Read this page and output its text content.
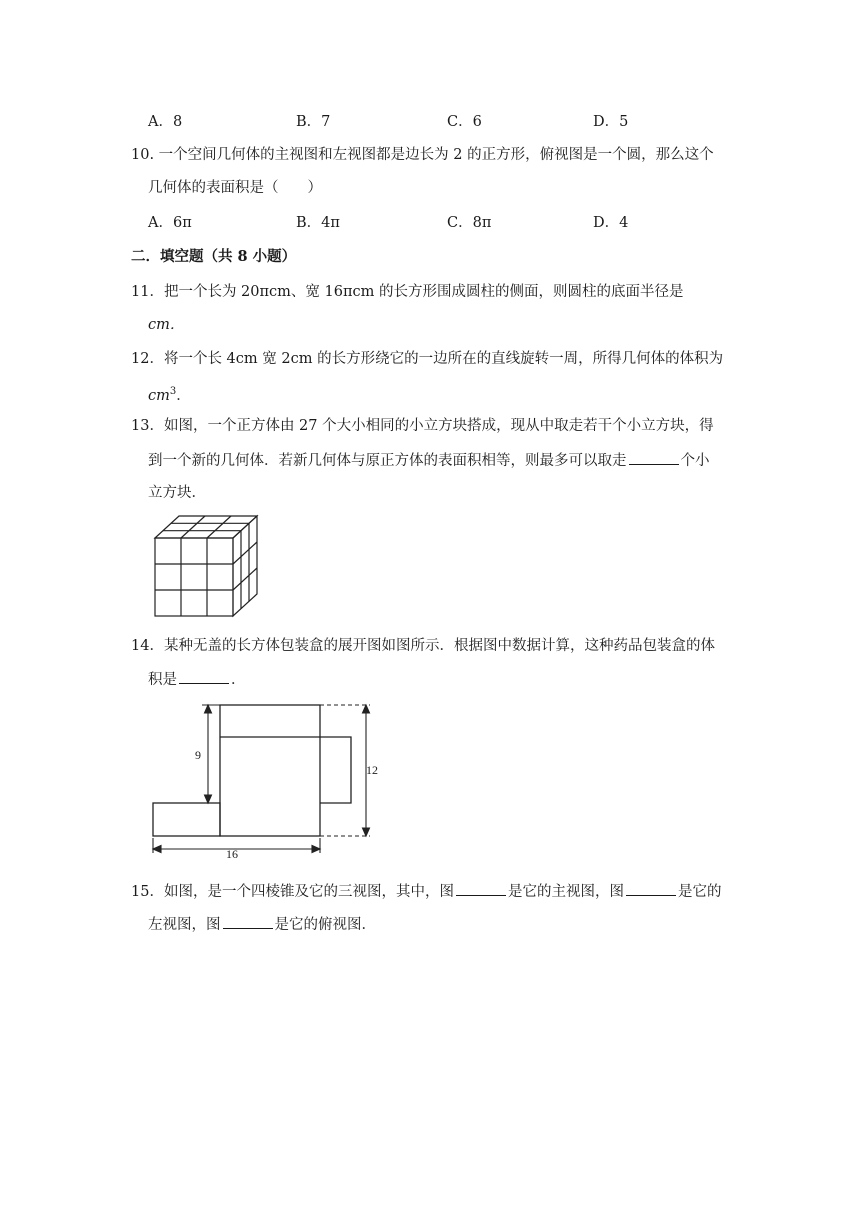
A．8	B．7	C．6	D．5
10. 一个空间几何体的主视图和左视图都是边长为 2 的正方形，俯视图是一个圆，那么这个
几何体的表面积是（　　）
A．6π	B．4π	C．8π	D．4
二．填空题（共 8 小题）
11．把一个长为 20πcm、宽 16πcm 的长方形围成圆柱的侧面，则圆柱的底面半径是
cm．
12．将一个长 4cm 宽 2cm 的长方形绕它的一边所在的直线旋转一周，所得几何体的体积为
$cm^3$．
13．如图，一个正方体由 27 个大小相同的小立方块搭成，现从中取走若干个小立方块，得
到一个新的几何体．若新几何体与原正方体的表面积相等，则最多可以取走	个小
立方块．
14．某种无盖的长方体包装盒的展开图如图所示．根据图中数据计算，这种药品包装盒的体
积是	．
9
12
16
15．如图，是一个四棱锥及它的三视图，其中，图	是它的主视图，图	是它的
左视图，图	是它的俯视图．
